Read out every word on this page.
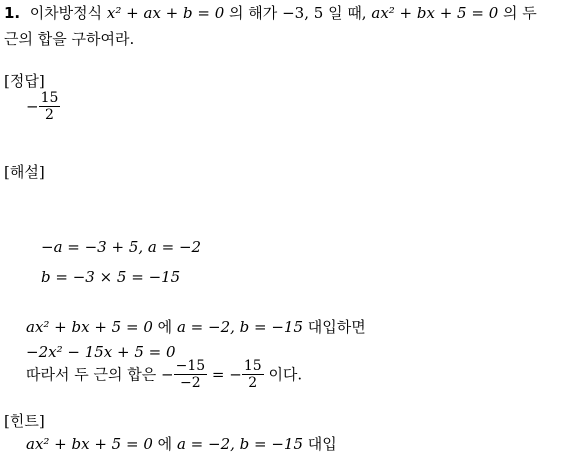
1. 이차방정식 x² + ax + b = 0 의 해가 −3, 5 일 때, ax² + bx + 5 = 0 의 두
근의 합을 구하여라.
[정답]
− $\frac{15}{2}$
[해설]
−a = −3 + 5, a = −2
b = −3 × 5 = −15
ax² + bx + 5 = 0 에 a = −2, b = −15 대입하면
−2x² − 15x + 5 = 0
따라서 두 근의 합은 − $\frac{-15}{-2}$ = − $\frac{15}{2}$ 이다.
[힌트]
ax² + bx + 5 = 0 에 a = −2, b = −15 대입
